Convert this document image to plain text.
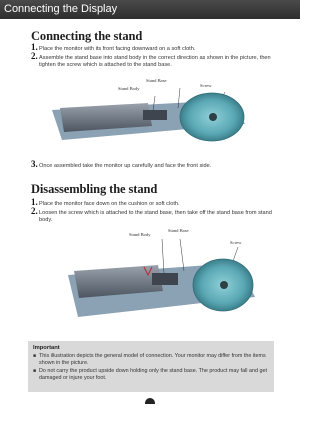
Connecting the Display
Connecting the stand
1. Place the monitor with its front facing downward on a soft cloth.
2. Assemble the stand base into stand body in the correct direction as shown in the picture, then tighten the screw which is attached to the stand base.
Stand Body
Stand Base
Screw
3. Once assembled take the monitor up carefully and face the front side.
Disassembling the stand
1. Place the monitor face down on the cushion or soft cloth.
2. Loosen the screw which is attached to the stand base, then take off the stand base from stand body.
Stand Body
Stand Base
Screw
Important
■ This illustration depicts the general model of connection. Your monitor may differ from the items shown in the picture.
■ Do not carry the product upside down holding only the stand base. The product may fall and get damaged or injure your foot.
